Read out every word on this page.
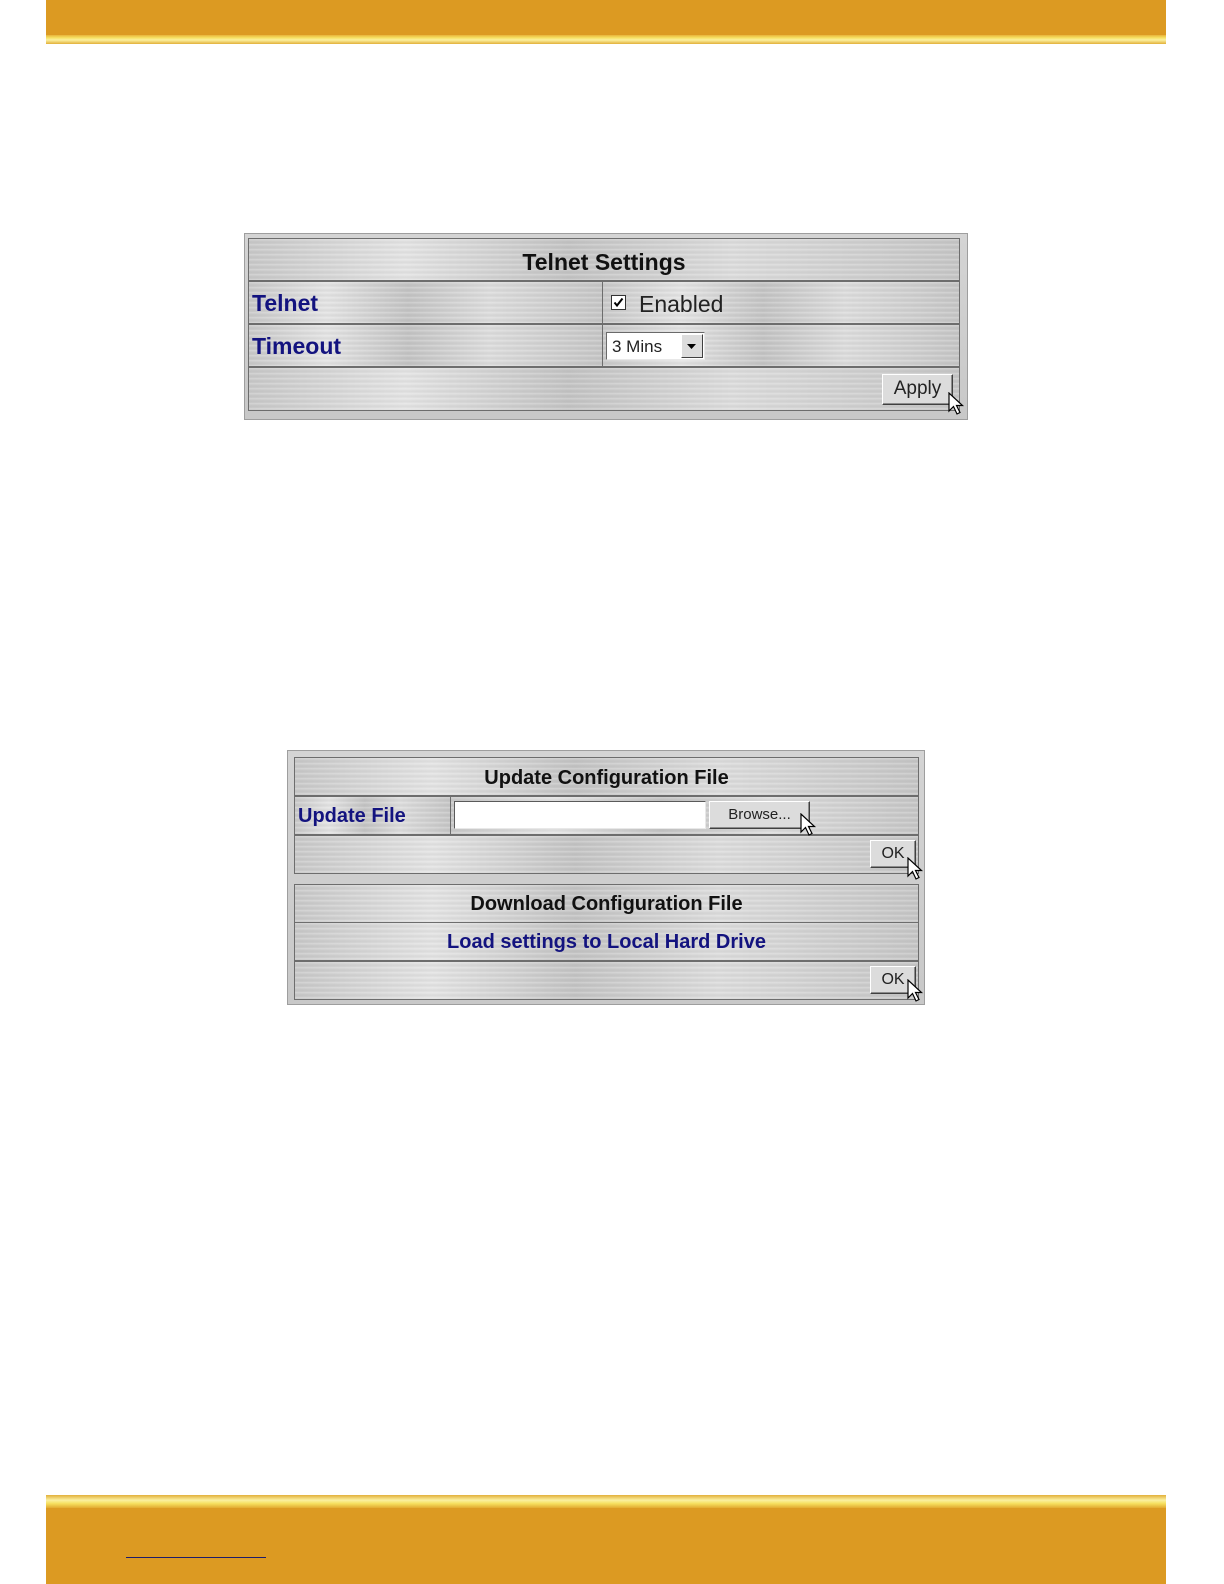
Telnet Settings
Telnet	Enabled
Timeout	3 Mins
Apply
Update Configuration File
Update File	Browse...
OK
Download Configuration File
Load settings to Local Hard Drive
OK
